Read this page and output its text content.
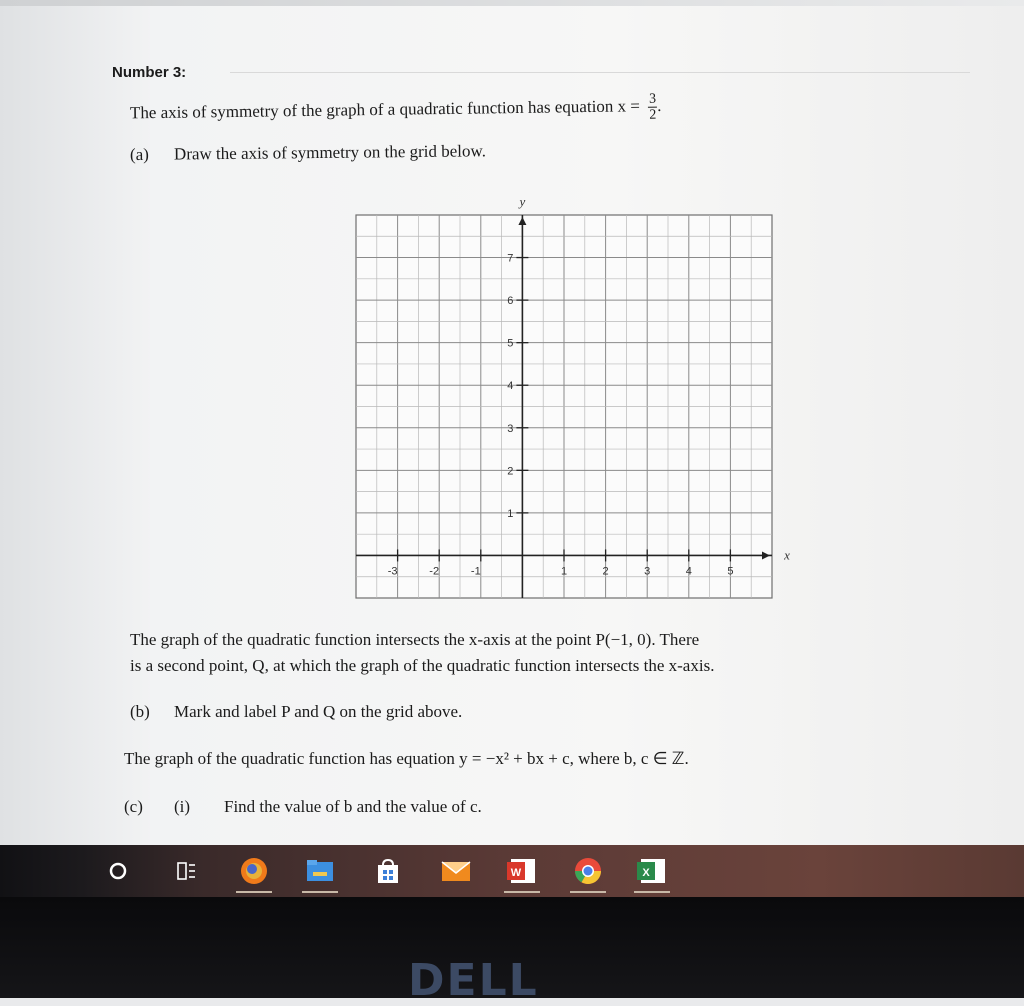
Number 3:
The axis of symmetry of the graph of a quadratic function has equation $x = \frac{3}{2}$ .
(a) Draw the axis of symmetry on the grid below.
-3	-2	-1	1	2	3	4	5
1
2
3
4
5
6
7
x
y
The graph of the quadratic function intersects the x-axis at the point P(−1, 0). There
is a second point, Q, at which the graph of the quadratic function intersects the x-axis.
(b) Mark and label P and Q on the grid above.
The graph of the quadratic function has equation y = −x² + bx + c, where b, c ∈ ℤ.
(c) (i) Find the value of b and the value of c.
W	X
DELL
